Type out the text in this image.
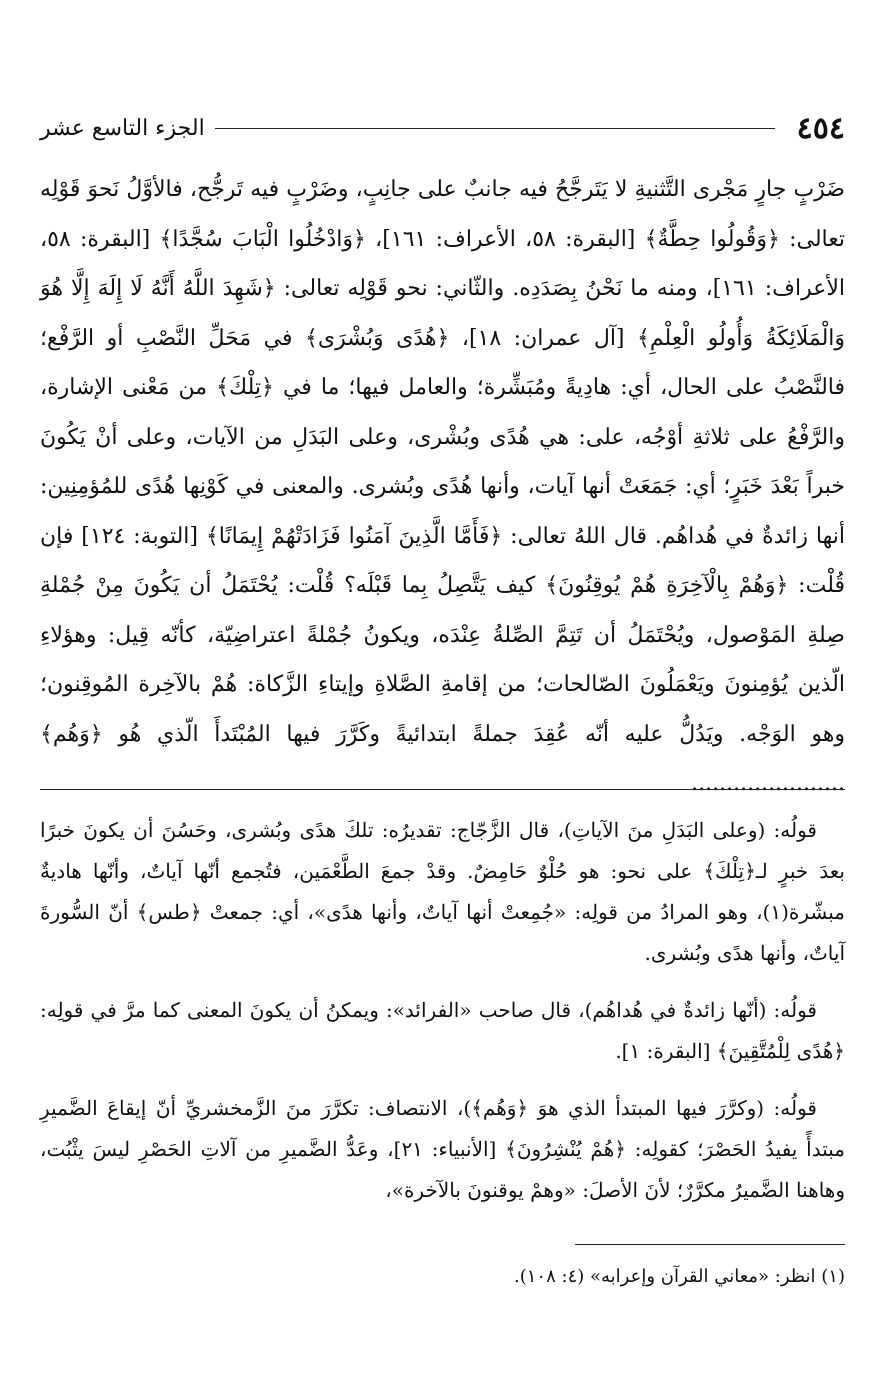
٤٥٤
الجزء التاسع عشر

ضَرْبٍ جارٍ مَجْرى التَّثنيةِ لا يَتَرجَّحُ فيه جانبٌ على جانِبٍ، وضَرْبٍ فيه تَرجُّح، فالأوَّلُ نَحوَ قَوْلِه تعالى: ﴿وَقُولُوا حِطَّةٌ﴾ [البقرة: ٥٨، الأعراف: ١٦١]، ﴿وَادْخُلُوا الْبَابَ سُجَّدًا﴾ [البقرة: ٥٨، الأعراف: ١٦١]، ومنه ما نَحْنُ بِصَدَدِه. والثّاني: نحو قَوْلِه تعالى: ﴿شَهِدَ اللَّهُ أَنَّهُ لَا إِلَهَ إِلَّا هُوَ وَالْمَلَائِكَةُ وَأُولُو الْعِلْمِ﴾ [آل عمران: ١٨]، ﴿هُدًى وَبُشْرَى﴾ في مَحَلِّ النَّصْبِ أو الرَّفْع؛ فالنَّصْبُ على الحال، أي: هادِيةً ومُبَشِّرة؛ والعامل فيها؛ ما في ﴿تِلْكَ﴾ من مَعْنى الإشارة، والرَّفْعُ على ثلاثةِ أوْجُه، على: هي هُدًى وبُشْرى، وعلى البَدَلِ من الآيات، وعلى أنْ يَكُونَ خبراً بَعْدَ خَبَرٍ؛ أي: جَمَعَتْ أنها آيات، وأنها هُدًى وبُشرى. والمعنى في كَوْنِها هُدًى للمُؤمِنِين: أنها زائدةٌ في هُداهُم. قال اللهُ تعالى: ﴿فَأَمَّا الَّذِينَ آمَنُوا فَزَادَتْهُمْ إِيمَانًا﴾ [التوبة: ١٢٤] فإن قُلْت: ﴿وَهُمْ بِالْآخِرَةِ هُمْ يُوقِنُونَ﴾ كيف يَتَّصِلُ بِما قَبْلَه؟ قُلْت: يُحْتَمَلُ أن يَكُونَ مِنْ جُمْلةِ صِلةِ المَوْصول، ويُحْتَمَلُ أن تَتِمَّ الصِّلةُ عِنْدَه، ويكونُ جُمْلةً اعتراضِيّة، كأنّه قِيل: وهؤلاءِ الّذين يُؤمِنونَ ويَعْمَلُونَ الصّالحات؛ من إقامةِ الصَّلاةِ وإيتاءِ الزَّكاة: هُمْ بالآخِرة المُوقِنون؛ وهو الوَجْه. ويَدُلُّ عليه أنّه عُقِدَ جملةً ابتدائيةً وكَرَّرَ فيها المُبْتَدأَ الّذي هُو ﴿وَهُم﴾ ......................

قولُه: (وعلى البَدَلِ منَ الآياتِ)، قال الزَّجّاج: تقديرُه: تلكَ هدًى وبُشرى، وحَسُنَ أن يكونَ خبرًا بعدَ خبرٍ لـ﴿تِلْكَ﴾ على نحو: هو حُلْوٌ حَامِضٌ. وقدْ جمعَ الطَّعْمَين، فتُجمع أنّها آياتٌ، وأنّها هاديةٌ مبشّرة(١)، وهو المرادُ من قولِه: «جُمِعتْ أنها آياتٌ، وأنها هدًى»، أي: جمعتْ ﴿طس﴾ أنّ السُّورةَ آياتٌ، وأنها هدًى وبُشرى.

قولُه: (أنّها زائدةٌ في هُداهُم)، قال صاحب «الفرائد»: ويمكنُ أن يكونَ المعنى كما مرَّ في قولِه: ﴿هُدًى لِلْمُتَّقِينَ﴾ [البقرة: ١].

قولُه: (وكرَّرَ فيها المبتدأ الذي هوَ ﴿وَهُم﴾)، الانتصاف: تكرَّرَ منَ الزَّمخشريِّ أنّ إيقاعَ الضَّميرِ مبتدأً يفيدُ الحَصْرَ؛ كقولِه: ﴿هُمْ يُنْشِرُونَ﴾ [الأنبياء: ٢١]، وعَدُّ الضَّميرِ من آلاتِ الحَصْرِ ليسَ يثْبُت، وهاهنا الضَّميرُ مكرَّرٌ؛ لأنَ الأصلَ: «وهمْ يوقنونَ بالآخرة»،

(١) انظر: «معاني القرآن وإعرابه» (٤: ١٠٨).
